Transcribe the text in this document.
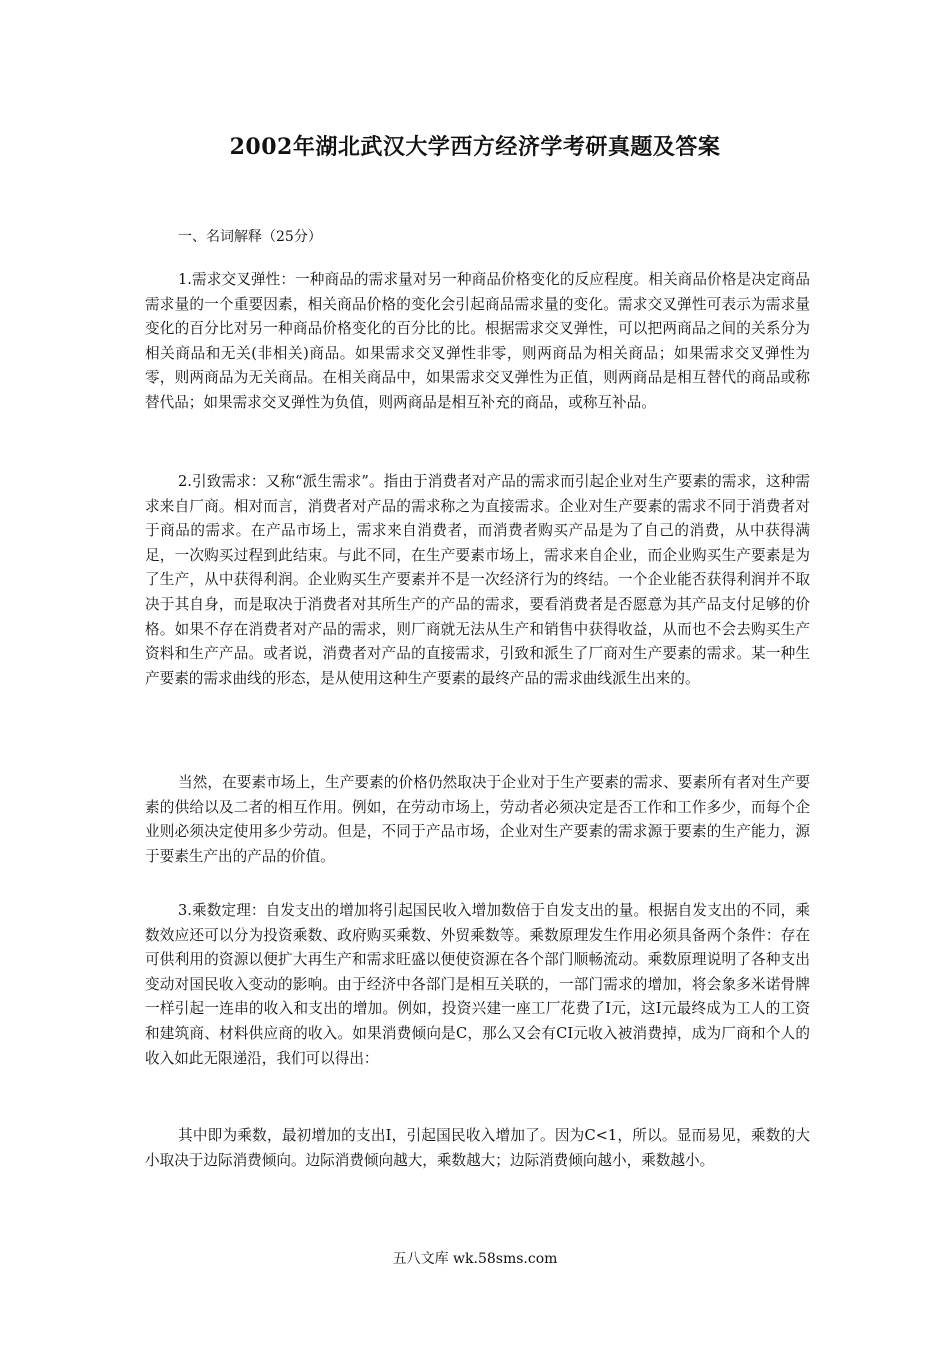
2002年湖北武汉大学西方经济学考研真题及答案
一、名词解释（25分）

1.需求交叉弹性：一种商品的需求量对另一种商品价格变化的反应程度。相关商品价格是决定商品需求量的一个重要因素，相关商品价格的变化会引起商品需求量的变化。需求交叉弹性可表示为需求量变化的百分比对另一种商品价格变化的百分比的比。根据需求交叉弹性，可以把两商品之间的关系分为相关商品和无关(非相关)商品。如果需求交叉弹性非零，则两商品为相关商品；如果需求交叉弹性为零，则两商品为无关商品。在相关商品中，如果需求交叉弹性为正值，则两商品是相互替代的商品或称替代品；如果需求交叉弹性为负值，则两商品是相互补充的商品，或称互补品。

2.引致需求：又称“派生需求”。指由于消费者对产品的需求而引起企业对生产要素的需求，这种需求来自厂商。相对而言，消费者对产品的需求称之为直接需求。企业对生产要素的需求不同于消费者对于商品的需求。在产品市场上，需求来自消费者，而消费者购买产品是为了自己的消费，从中获得满足，一次购买过程到此结束。与此不同，在生产要素市场上，需求来自企业，而企业购买生产要素是为了生产，从中获得利润。企业购买生产要素并不是一次经济行为的终结。一个企业能否获得利润并不取决于其自身，而是取决于消费者对其所生产的产品的需求，要看消费者是否愿意为其产品支付足够的价格。如果不存在消费者对产品的需求，则厂商就无法从生产和销售中获得收益，从而也不会去购买生产资料和生产产品。或者说，消费者对产品的直接需求，引致和派生了厂商对生产要素的需求。某一种生产要素的需求曲线的形态，是从使用这种生产要素的最终产品的需求曲线派生出来的。

当然，在要素市场上，生产要素的价格仍然取决于企业对于生产要素的需求、要素所有者对生产要素的供给以及二者的相互作用。例如，在劳动市场上，劳动者必须决定是否工作和工作多少，而每个企业则必须决定使用多少劳动。但是，不同于产品市场，企业对生产要素的需求源于要素的生产能力，源于要素生产出的产品的价值。

3.乘数定理：自发支出的增加将引起国民收入增加数倍于自发支出的量。根据自发支出的不同，乘数效应还可以分为投资乘数、政府购买乘数、外贸乘数等。乘数原理发生作用必须具备两个条件：存在可供利用的资源以便扩大再生产和需求旺盛以便使资源在各个部门顺畅流动。乘数原理说明了各种支出变动对国民收入变动的影响。由于经济中各部门是相互关联的，一部门需求的增加，将会象多米诺骨牌一样引起一连串的收入和支出的增加。例如，投资兴建一座工厂花费了I元，这I元最终成为工人的工资和建筑商、材料供应商的收入。如果消费倾向是C，那么又会有CI元收入被消费掉，成为厂商和个人的收入如此无限递沿，我们可以得出：

其中即为乘数，最初增加的支出I，引起国民收入增加了。因为C<1，所以。显而易见，乘数的大小取决于边际消费倾向。边际消费倾向越大，乘数越大；边际消费倾向越小，乘数越小。

五八文库 wk.58sms.com
